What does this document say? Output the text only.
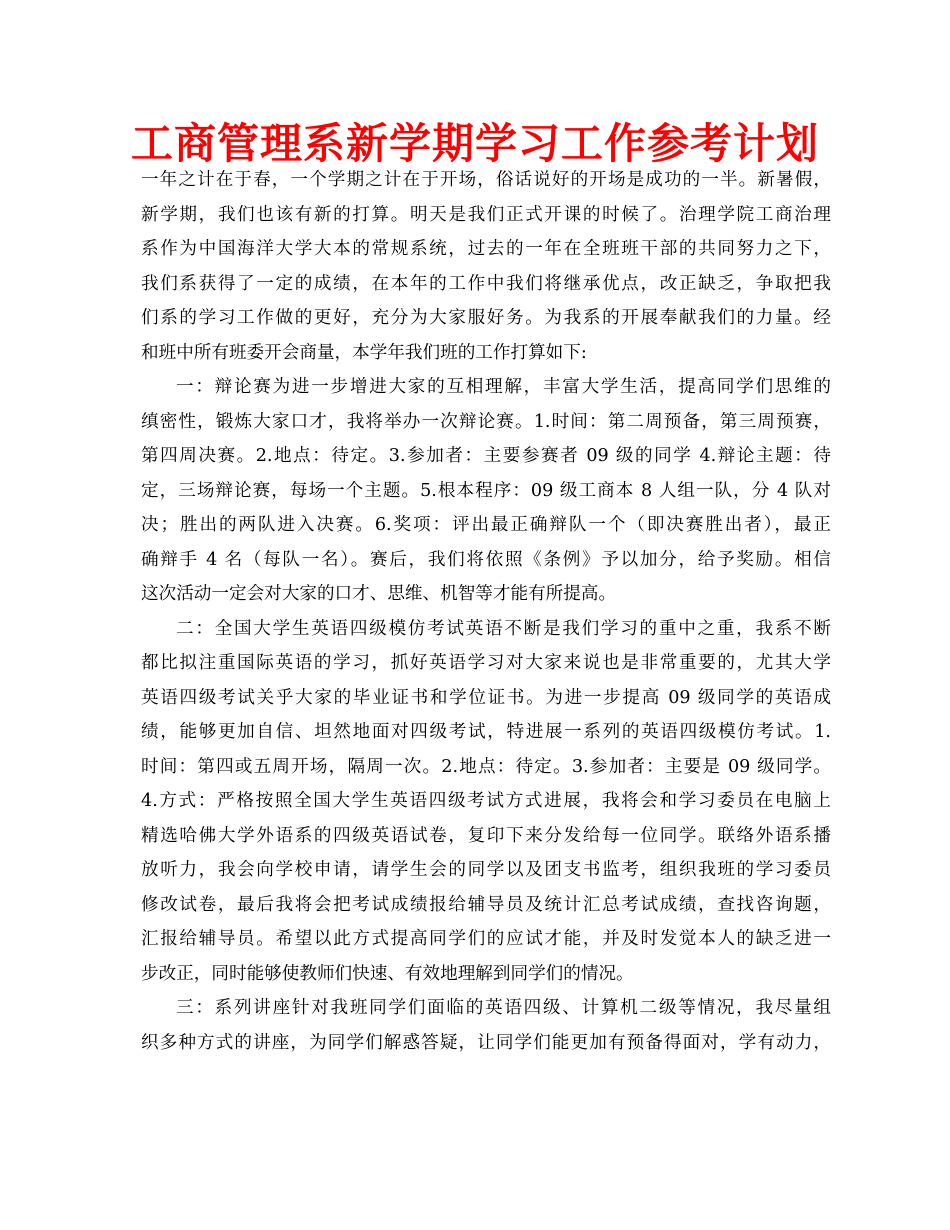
工商管理系新学期学习工作参考计划
一年之计在于春，一个学期之计在于开场，俗话说好的开场是成功的一半。新暑假，
新学期，我们也该有新的打算。明天是我们正式开课的时候了。治理学院工商治理
系作为中国海洋大学大本的常规系统，过去的一年在全班班干部的共同努力之下，
我们系获得了一定的成绩，在本年的工作中我们将继承优点，改正缺乏，争取把我
们系的学习工作做的更好，充分为大家服好务。为我系的开展奉献我们的力量。经
和班中所有班委开会商量，本学年我们班的工作打算如下:
一：辩论赛为进一步增进大家的互相理解，丰富大学生活，提高同学们思维的
缜密性，锻炼大家口才，我将举办一次辩论赛。1.时间：第二周预备，第三周预赛，
第四周决赛。2.地点：待定。3.参加者：主要参赛者 09 级的同学 4.辩论主题：待
定，三场辩论赛，每场一个主题。5.根本程序：09 级工商本 8 人组一队，分 4 队对
决；胜出的两队进入决赛。6.奖项：评出最正确辩队一个（即决赛胜出者），最正
确辩手 4 名（每队一名）。赛后，我们将依照《条例》予以加分，给予奖励。相信
这次活动一定会对大家的口才、思维、机智等才能有所提高。
二：全国大学生英语四级模仿考试英语不断是我们学习的重中之重，我系不断
都比拟注重国际英语的学习，抓好英语学习对大家来说也是非常重要的，尤其大学
英语四级考试关乎大家的毕业证书和学位证书。为进一步提高 09 级同学的英语成
绩，能够更加自信、坦然地面对四级考试，特进展一系列的英语四级模仿考试。1.
时间：第四或五周开场，隔周一次。2.地点：待定。3.参加者：主要是 09 级同学。
4.方式：严格按照全国大学生英语四级考试方式进展，我将会和学习委员在电脑上
精选哈佛大学外语系的四级英语试卷，复印下来分发给每一位同学。联络外语系播
放听力，我会向学校申请，请学生会的同学以及团支书监考，组织我班的学习委员
修改试卷，最后我将会把考试成绩报给辅导员及统计汇总考试成绩，查找咨询题，
汇报给辅导员。希望以此方式提高同学们的应试才能，并及时发觉本人的缺乏进一
步改正，同时能够使教师们快速、有效地理解到同学们的情况。
三：系列讲座针对我班同学们面临的英语四级、计算机二级等情况，我尽量组
织多种方式的讲座，为同学们解惑答疑，让同学们能更加有预备得面对，学有动力，
